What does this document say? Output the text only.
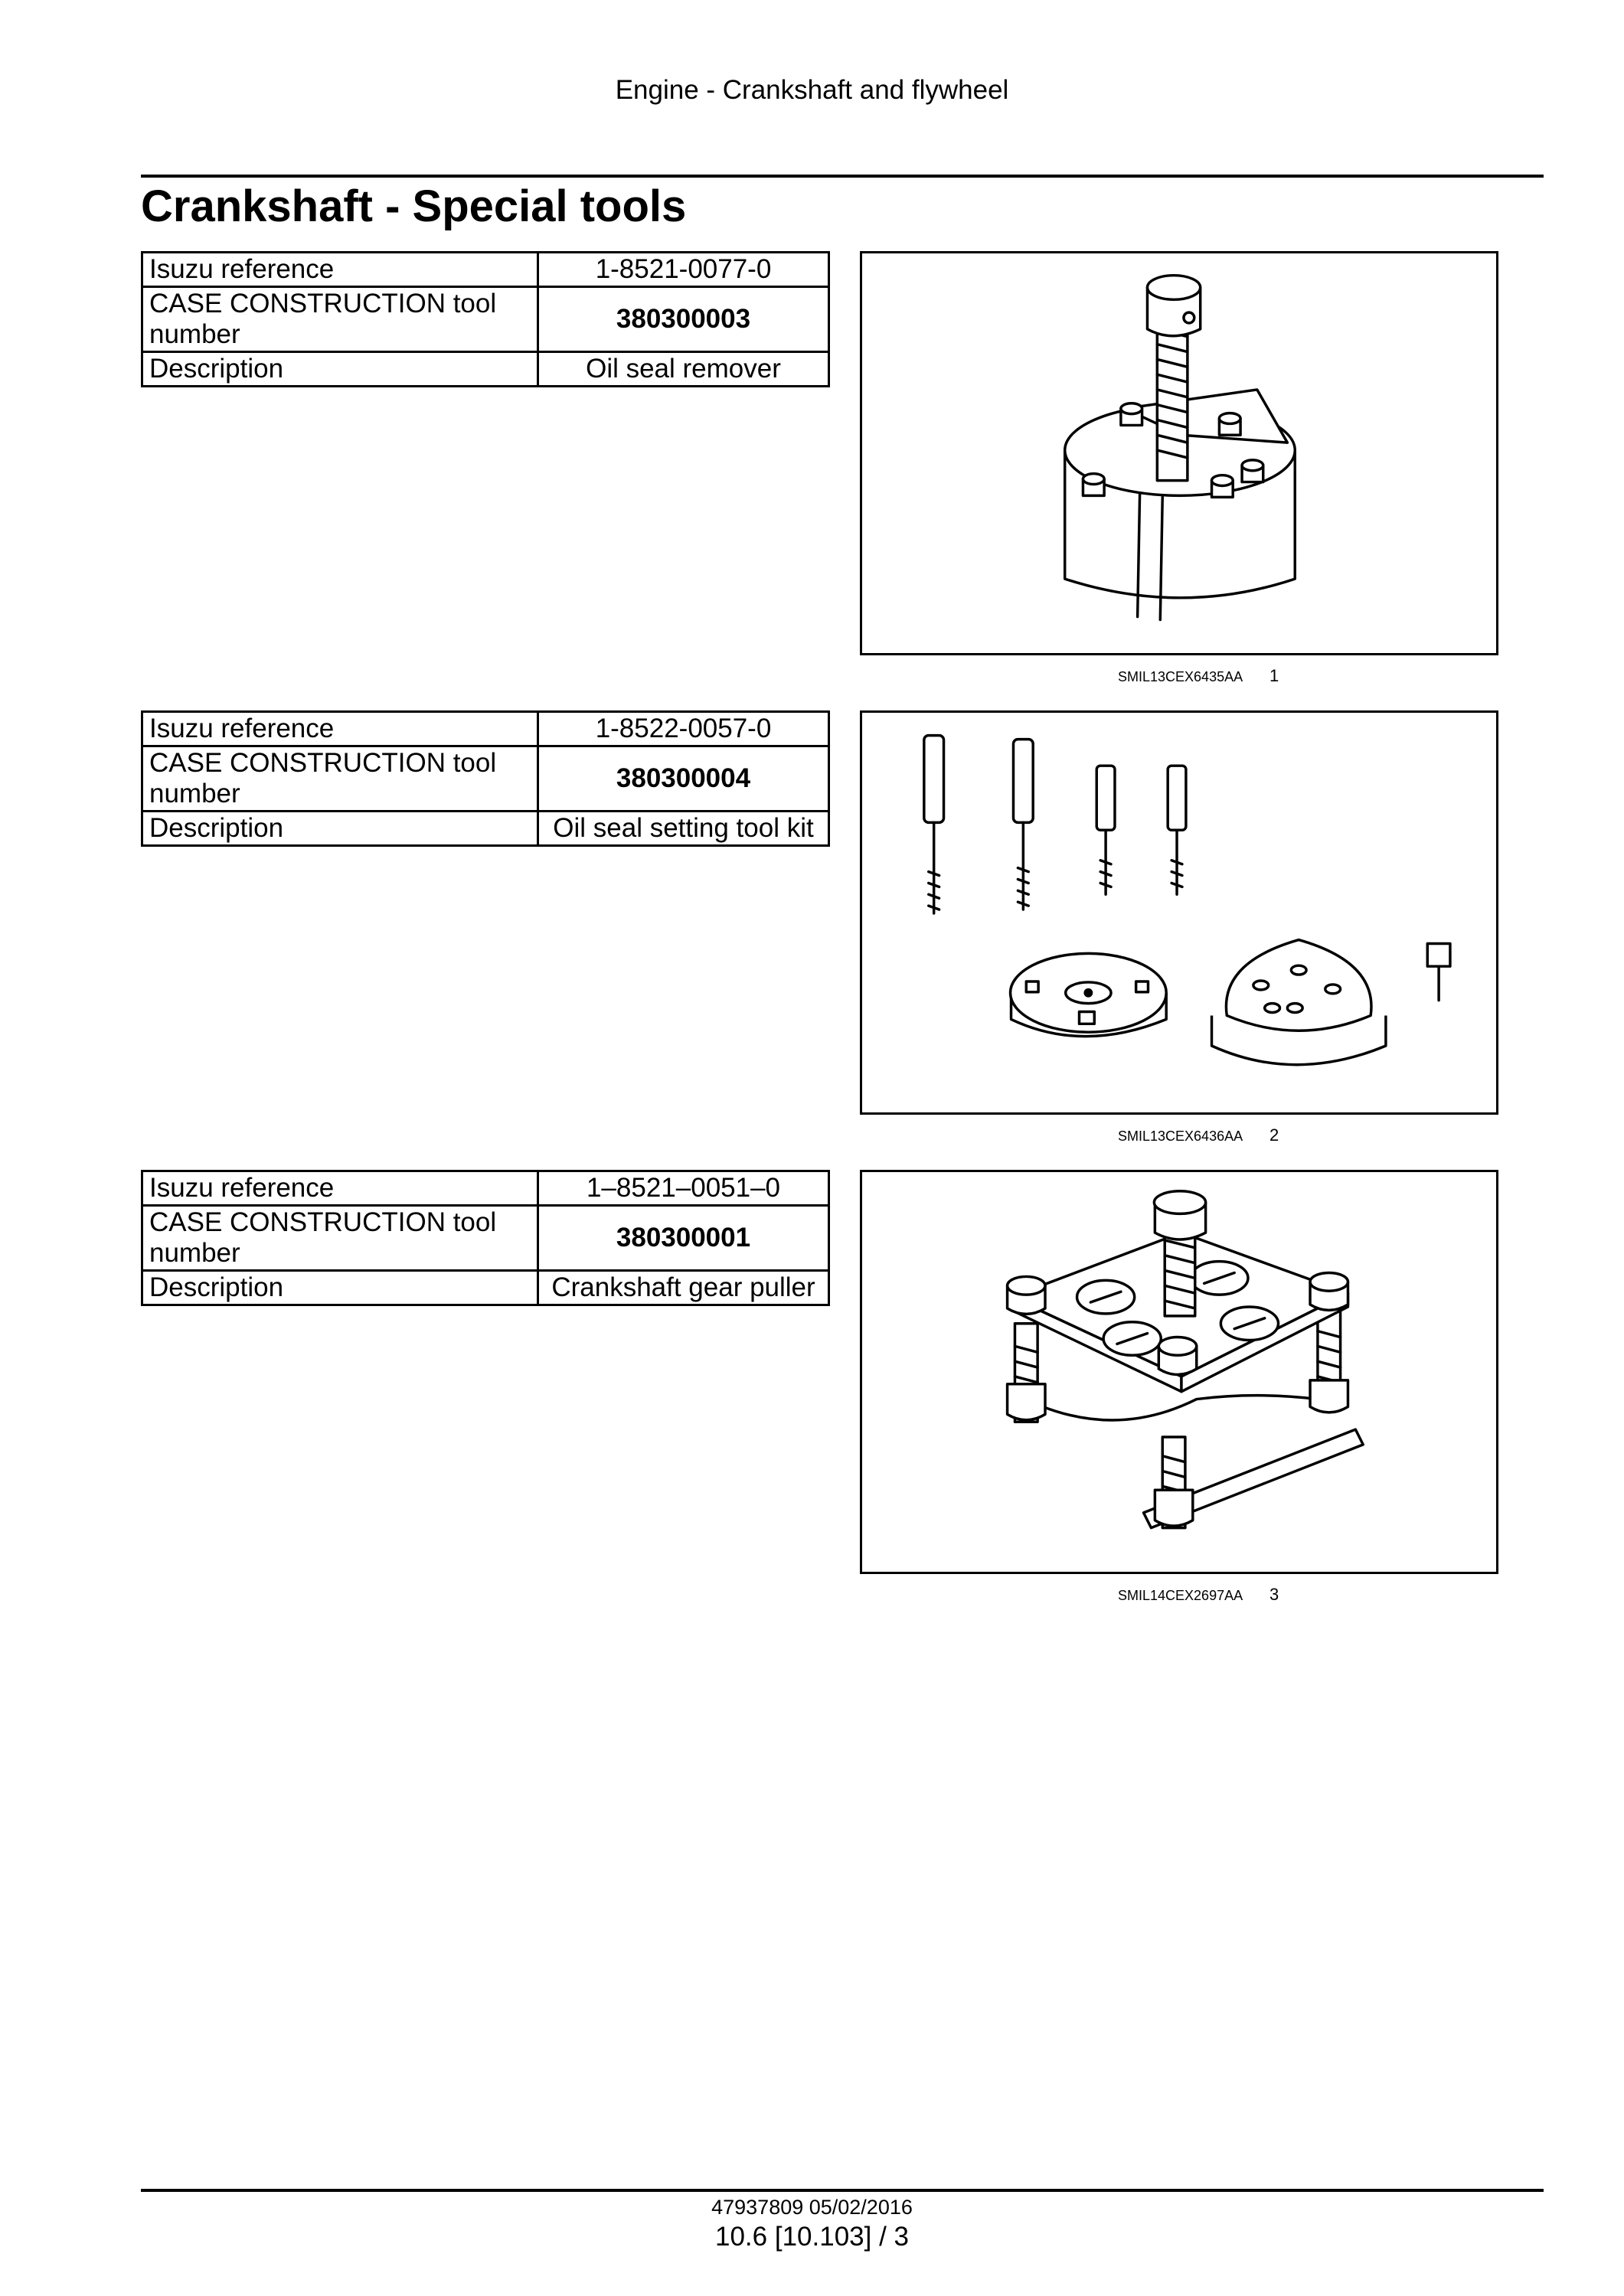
Engine - Crankshaft and flywheel
Crankshaft - Special tools
Isuzu reference	1-8521-0077-0
CASE CONSTRUCTION tool
number	380300003
Description	Oil seal remover
SMIL13CEX6435AA 1
Isuzu reference	1-8522-0057-0
CASE CONSTRUCTION tool
number	380300004
Description	Oil seal setting tool kit
SMIL13CEX6436AA 2
Isuzu reference	1–8521–0051–0
CASE CONSTRUCTION tool
number	380300001
Description	Crankshaft gear puller
SMIL14CEX2697AA 3
47937809 05/02/2016
10.6 [10.103] / 3
